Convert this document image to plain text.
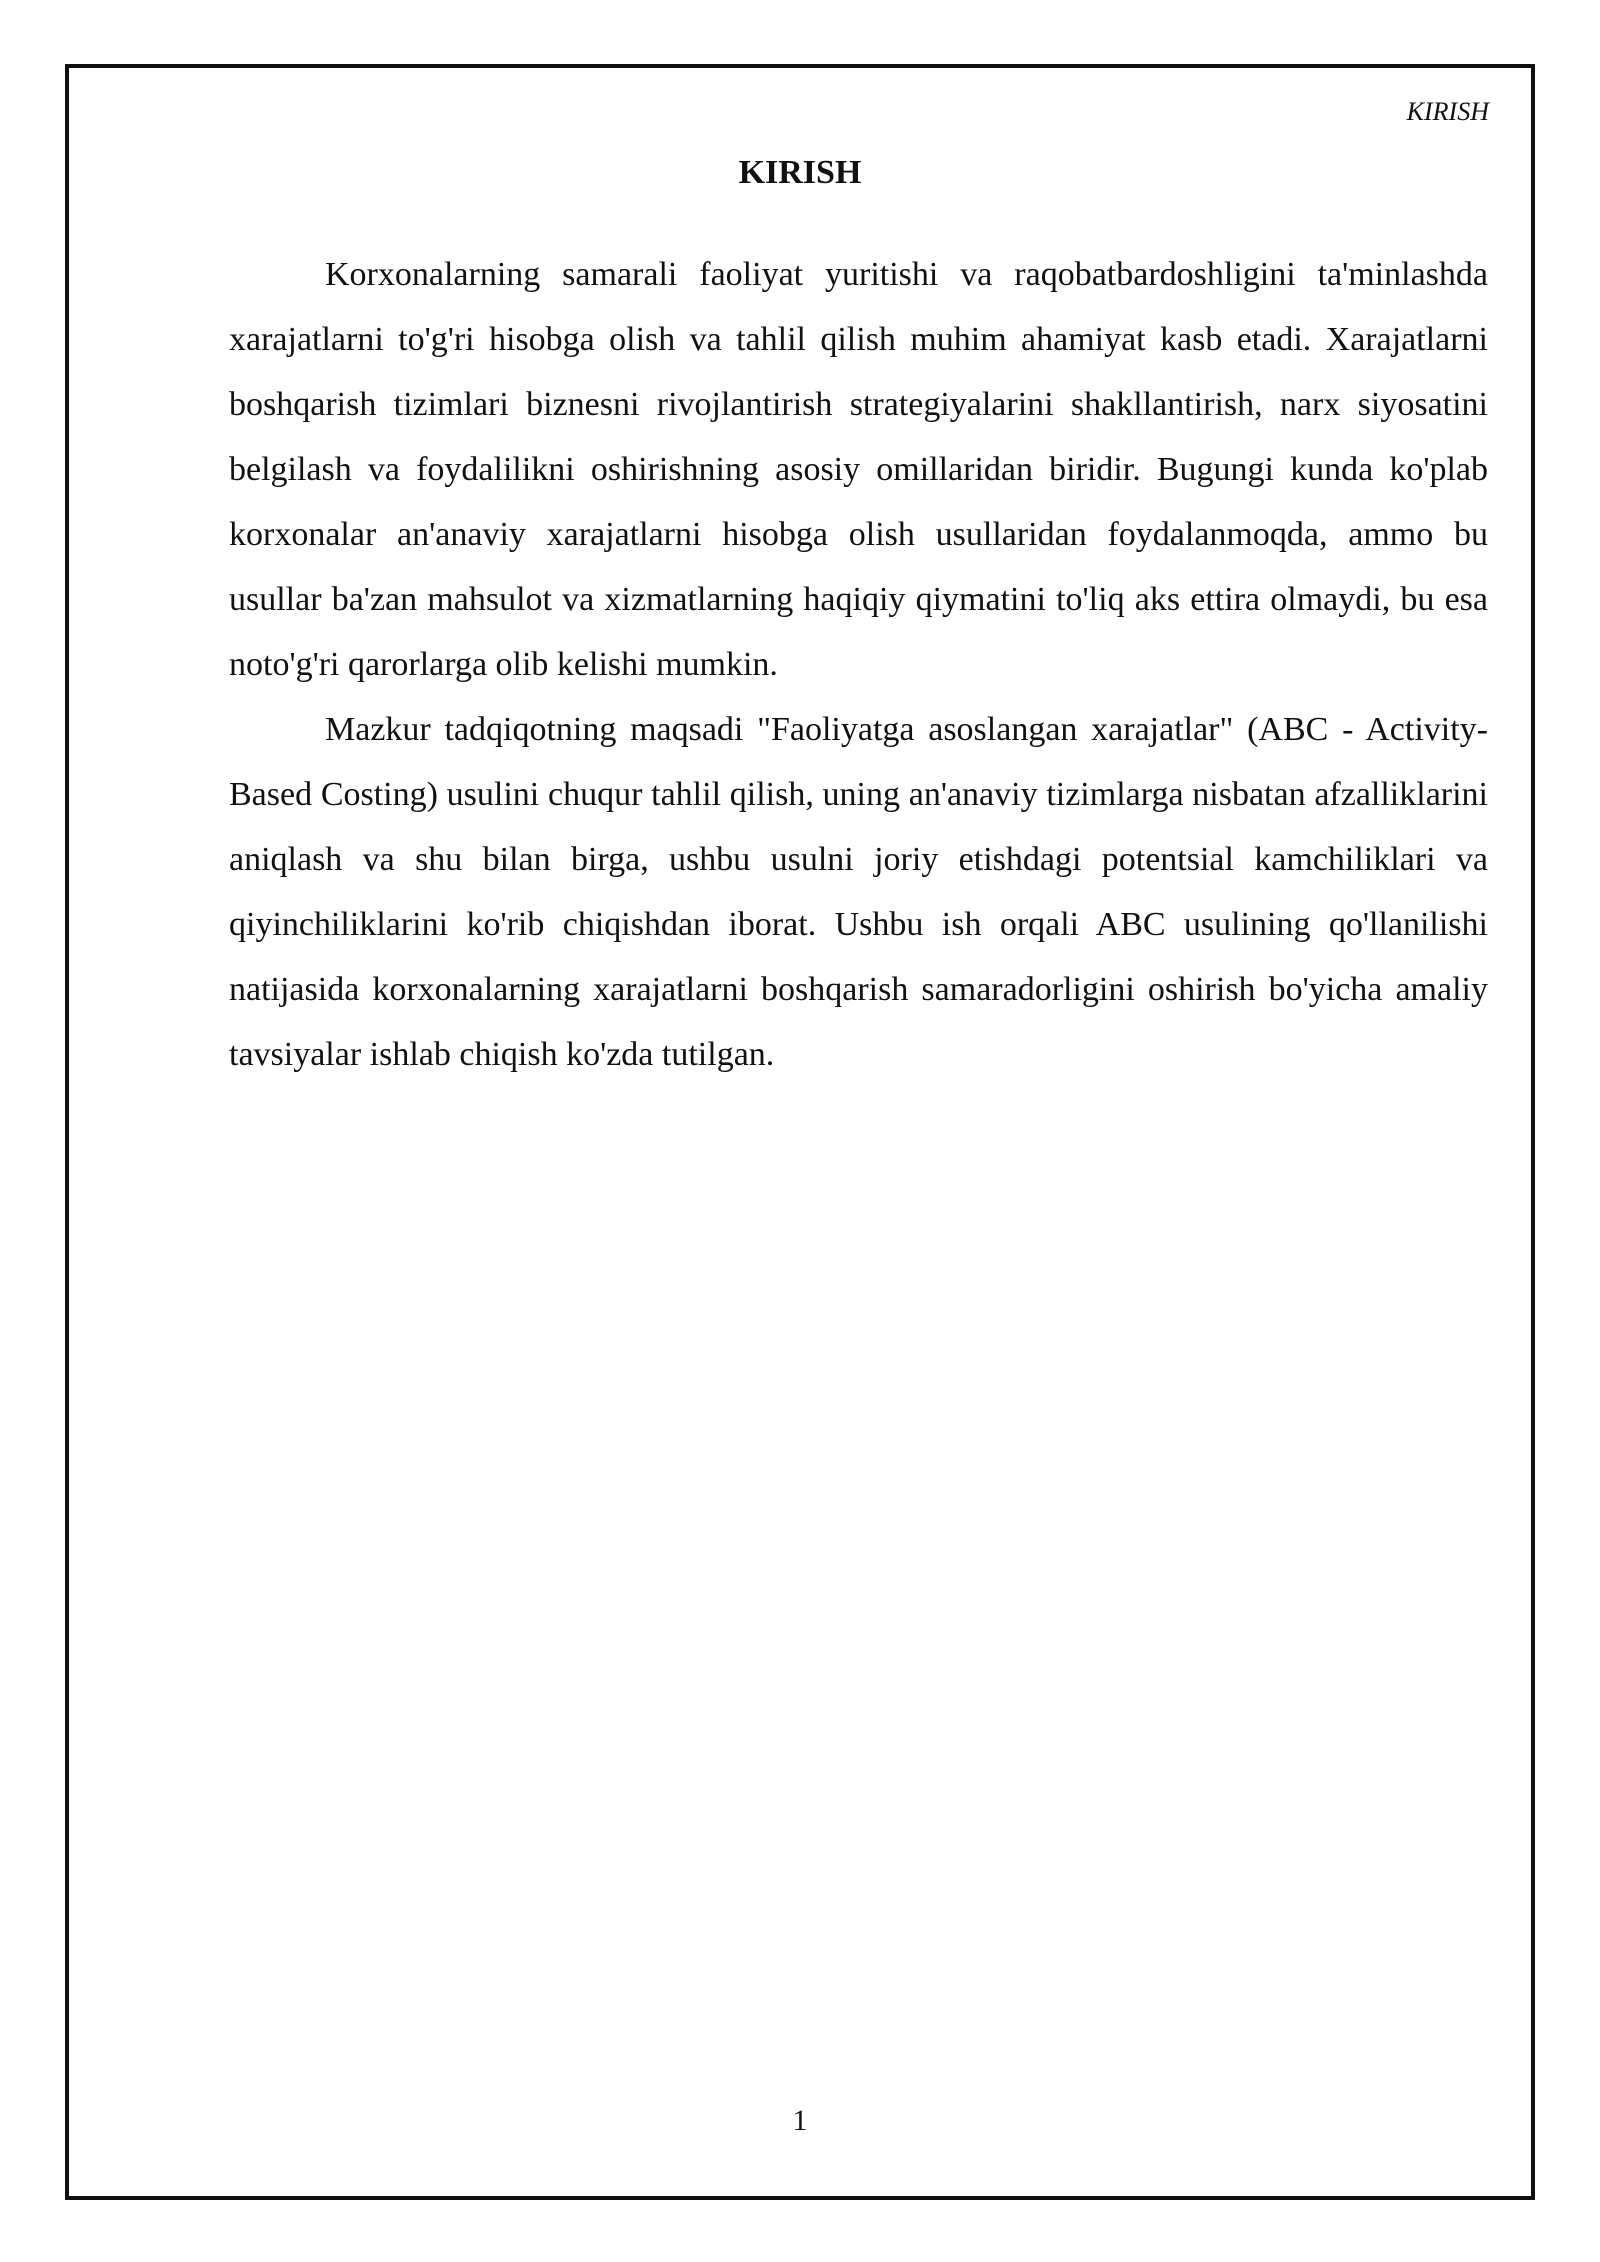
KIRISH
KIRISH

Korxonalarning samarali faoliyat yuritishi va raqobatbardoshligini ta'minlashda xarajatlarni to'g'ri hisobga olish va tahlil qilish muhim ahamiyat kasb etadi. Xarajatlarni boshqarish tizimlari biznesni rivojlantirish strategiyalarini shakllantirish, narx siyosatini belgilash va foydalilikni oshirishning asosiy omillaridan biridir. Bugungi kunda ko'plab korxonalar an'anaviy xarajatlarni hisobga olish usullaridan foydalanmoqda, ammo bu usullar ba'zan mahsulot va xizmatlarning haqiqiy qiymatini to'liq aks ettira olmaydi, bu esa noto'g'ri qarorlarga olib kelishi mumkin.

Mazkur tadqiqotning maqsadi "Faoliyatga asoslangan xarajatlar" (ABC - Activity-Based Costing) usulini chuqur tahlil qilish, uning an'anaviy tizimlarga nisbatan afzalliklarini aniqlash va shu bilan birga, ushbu usulni joriy etishdagi potentsial kamchiliklari va qiyinchiliklarini ko'rib chiqishdan iborat. Ushbu ish orqali ABC usulining qo'llanilishi natijasida korxonalarning xarajatlarni boshqarish samaradorligini oshirish bo'yicha amaliy tavsiyalar ishlab chiqish ko'zda tutilgan.

1
